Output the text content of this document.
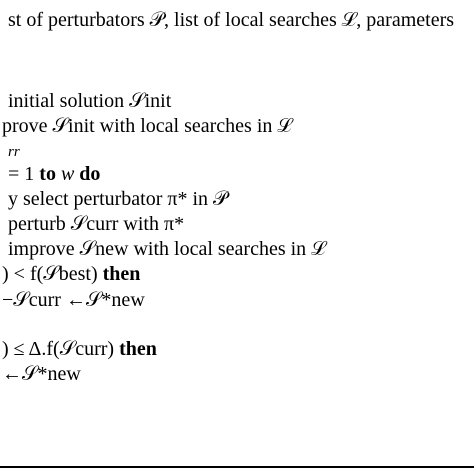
st of perturbators 𝒫, list of local searches ℒ, parameters
initial solution 𝒮init
prove 𝒮init with local searches in ℒ
rr
= 1 to w do
y select perturbator π* in 𝒫
perturb 𝒮curr with π*
improve 𝒮new with local searches in ℒ
) < f(𝒮best) then
−𝒮curr ←𝒮*new
) ≤ Δ.f(𝒮curr) then
←𝒮*new
